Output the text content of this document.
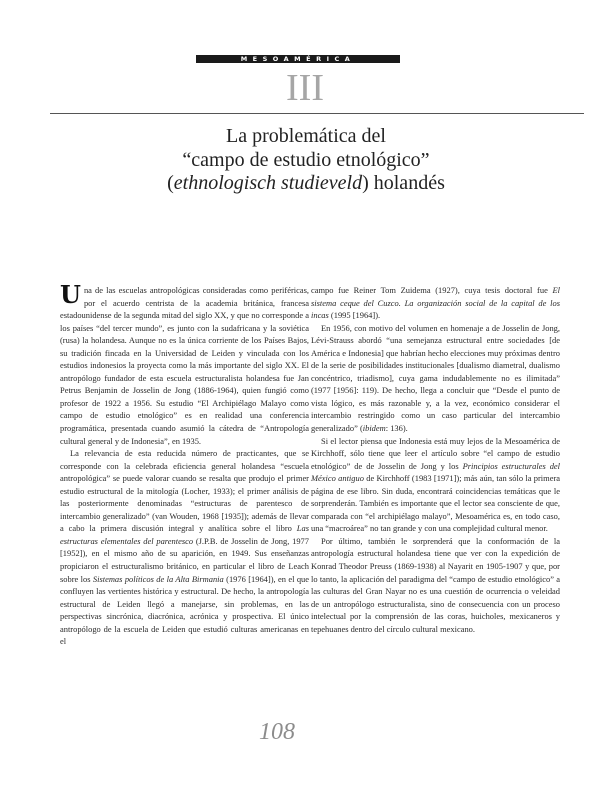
MESOAMÉRICA
III
La problemática del
“campo de estudio etnológico”
(ethnologisch studieveld) holandés

Una de las escuelas antropológicas consideradas como periféricas, por el acuerdo centrista de la academia británica, francesa estadounidense de la segunda mitad del siglo XX, y que no corresponde a los países “del tercer mundo”, es junto con la sudafricana y la soviética (rusa) la holandesa. Aunque no es la única corriente de los Países Bajos, su tradición fincada en la Universidad de Leiden y vinculada con los estudios indonesios la proyecta como la más importante del siglo XX. El antropólogo fundador de esta escuela estructuralista holandesa fue Jan Petrus Benjamin de Josselin de Jong (1886-1964), quien fungió como profesor de 1922 a 1956. Su estudio “El Archipiélago Malayo como campo de estudio etnológico” es en realidad una conferencia programática, presentada cuando asumió la cátedra de “Antropología cultural general y de Indonesia”, en 1935.

La relevancia de esta reducida número de practicantes, que se corresponde con la celebrada eficiencia general holandesa “escuela antropológica” se puede valorar cuando se resalta que produjo el primer estudio estructural de la mitología (Locher, 1933); el primer análisis de las posteriormente denominadas “estructuras de parentesco de intercambio generalizado” (van Wouden, 1968 [1935]); además de llevar a cabo la primera discusión integral y analítica sobre el libro Las estructuras elementales del parentesco (J.P.B. de Josselin de Jong, 1977 [1952]), en el mismo año de su aparición, en 1949. Sus enseñanzas propiciaron el estructuralismo británico, en particular el libro de Leach sobre los Sistemas políticos de la Alta Birmania (1976 [1964]), en el que confluyen las vertientes histórica y estructural. De hecho, la antropología estructural de Leiden llegó a manejarse, sin problemas, en las perspectivas sincrónica, diacrónica, acrónica y prospectiva. El único antropólogo de la escuela de Leiden que estudió culturas americanas en el

campo fue Reiner Tom Zuidema (1927), cuya tesis doctoral fue El sistema ceque del Cuzco. La organización social de la capital de los incas (1995 [1964]).

En 1956, con motivo del volumen en homenaje a de Josselin de Jong, Lévi-Strauss abordó “una semejanza estructural entre sociedades [de América e Indonesia] que habrían hecho elecciones muy próximas dentro de la serie de posibilidades institucionales [dualismo diametral, dualismo concéntrico, triadismo], cuya gama indudablemente no es ilimitada” (1977 [1956]: 119). De hecho, llega a concluir que “Desde el punto de vista lógico, es más razonable y, a la vez, económico considerar el intercambio restringido como un caso particular del intercambio generalizado” (ibidem: 136).

Si el lector piensa que Indonesia está muy lejos de la Mesoamérica de Kirchhoff, sólo tiene que leer el artículo sobre “el campo de estudio etnológico” de de Josselin de Jong y los Principios estructurales del México antiguo de Kirchhoff (1983 [1971]); más aún, tan sólo la primera página de ese libro. Sin duda, encontrará coincidencias temáticas que le sorprenderán. También es importante que el lector sea consciente de que, comparada con “el archipiélago malayo”, Mesoamérica es, en todo caso, una “macroárea” no tan grande y con una complejidad cultural menor.

Por último, también le sorprenderá que la conformación de la antropología estructural holandesa tiene que ver con la expedición de Konrad Theodor Preuss (1869-1938) al Nayarit en 1905-1907 y que, por lo tanto, la aplicación del paradigma del “campo de estudio etnológico” a las culturas del Gran Nayar no es una cuestión de ocurrencia o veleidad de un antropólogo estructuralista, sino de consecuencia con un proceso intelectual por la comprensión de las coras, huicholes, mexicaneros y tepehuanes dentro del círculo cultural mexicano.

108
